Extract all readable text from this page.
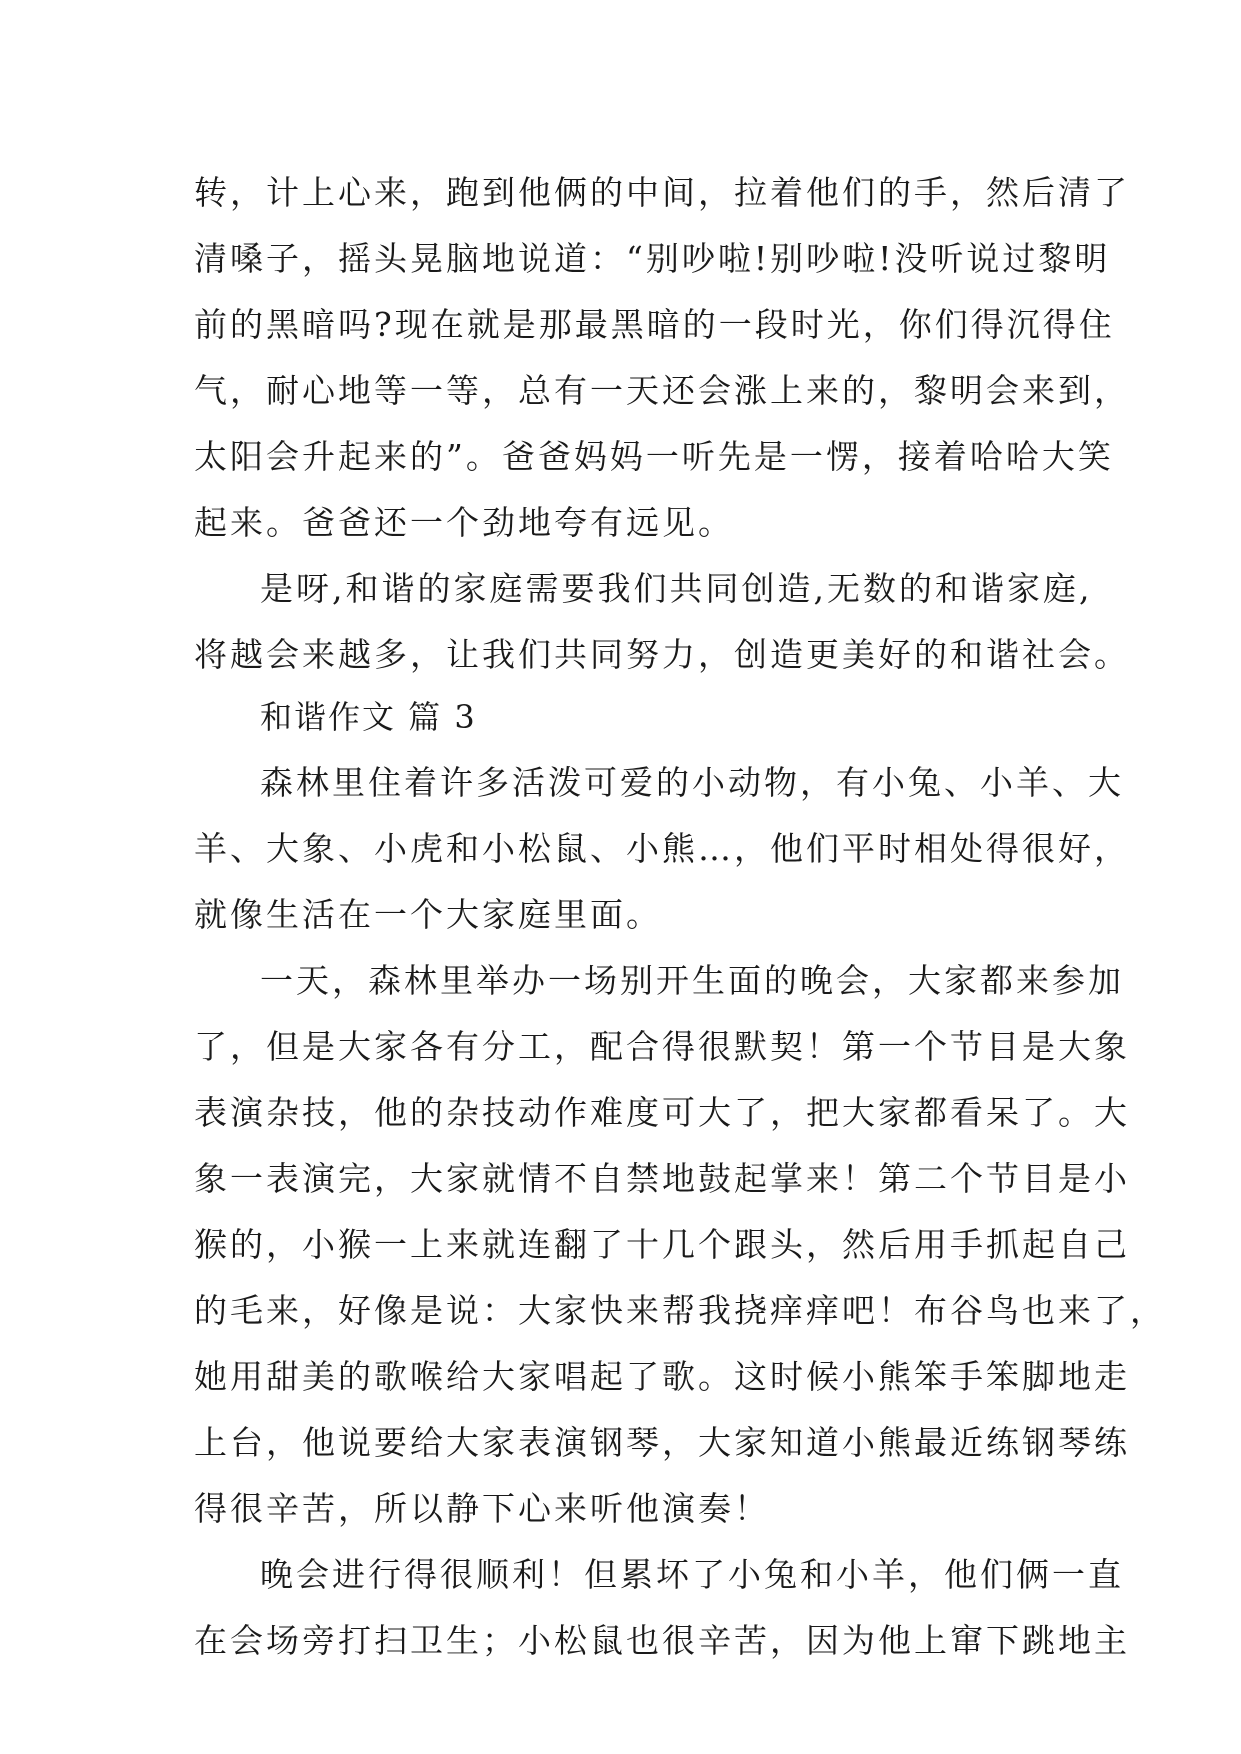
转，计上心来，跑到他俩的中间，拉着他们的手，然后清了
清嗓子，摇头晃脑地说道：“别吵啦!别吵啦!没听说过黎明
前的黑暗吗?现在就是那最黑暗的一段时光，你们得沉得住
气，耐心地等一等，总有一天还会涨上来的，黎明会来到，
太阳会升起来的”。爸爸妈妈一听先是一愣，接着哈哈大笑
起来。爸爸还一个劲地夸有远见。
是呀,和谐的家庭需要我们共同创造,无数的和谐家庭,
将越会来越多，让我们共同努力，创造更美好的和谐社会。
和谐作文 篇 3
森林里住着许多活泼可爱的小动物，有小兔、小羊、大
羊、大象、小虎和小松鼠、小熊…，他们平时相处得很好，
就像生活在一个大家庭里面。
一天，森林里举办一场别开生面的晚会，大家都来参加
了，但是大家各有分工，配合得很默契！第一个节目是大象
表演杂技，他的杂技动作难度可大了，把大家都看呆了。大
象一表演完，大家就情不自禁地鼓起掌来！第二个节目是小
猴的，小猴一上来就连翻了十几个跟头，然后用手抓起自己
的毛来，好像是说：大家快来帮我挠痒痒吧！布谷鸟也来了，
她用甜美的歌喉给大家唱起了歌。这时候小熊笨手笨脚地走
上台，他说要给大家表演钢琴，大家知道小熊最近练钢琴练
得很辛苦，所以静下心来听他演奏！
晚会进行得很顺利！但累坏了小兔和小羊，他们俩一直
在会场旁打扫卫生；小松鼠也很辛苦，因为他上窜下跳地主
